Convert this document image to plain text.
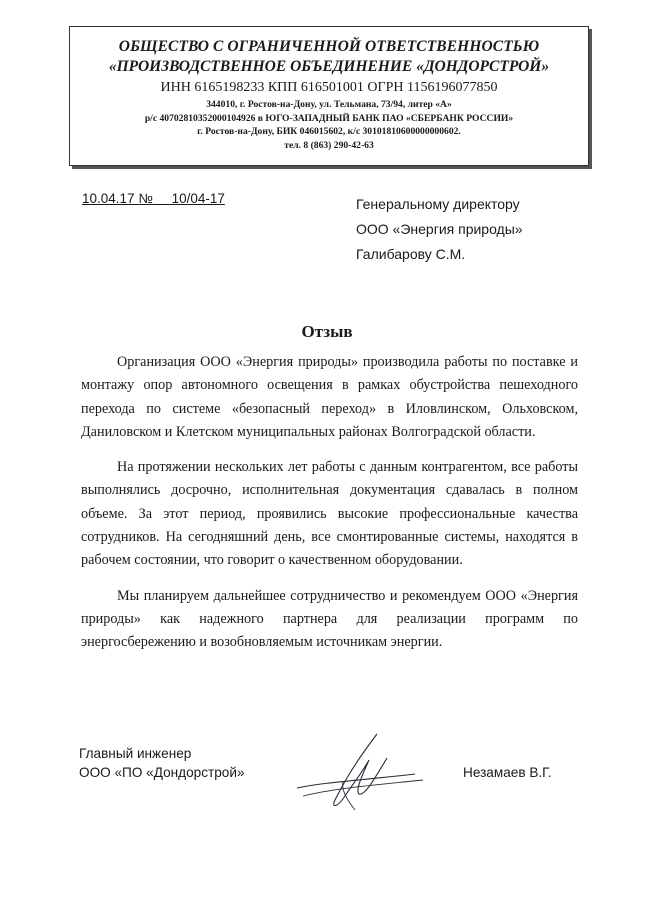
ОБЩЕСТВО С ОГРАНИЧЕННОЙ ОТВЕТСТВЕННОСТЬЮ
«ПРОИЗВОДСТВЕННОЕ ОБЪЕДИНЕНИЕ «ДОНДОРСТРОЙ»
ИНН 6165198233 КПП 616501001 ОГРН 1156196077850
344010, г. Ростов-на-Дону, ул. Тельмана, 73/94, литер «А»
р/с 40702810352000104926 в ЮГО-ЗАПАДНЫЙ БАНК ПАО «СБЕРБАНК РОССИИ»
г. Ростов-на-Дону, БИК 046015602, к/с 30101810600000000602.
тел. 8 (863) 290-42-63
10.04.17 № 10/04-17	Генеральному директору
ООО «Энергия природы»
Галибарову С.М.
Отзыв

Организация ООО «Энергия природы» производила работы по поставке и монтажу опор автономного освещения в рамках обустройства пешеходного перехода по системе «безопасный переход» в Иловлинском, Ольховском, Даниловском и Клетском муниципальных районах Волгоградской области.

На протяжении нескольких лет работы с данным контрагентом, все работы выполнялись досрочно, исполнительная документация сдавалась в полном объеме. За этот период, проявились высокие профессиональные качества сотрудников. На сегодняшний день, все смонтированные системы, находятся в рабочем состоянии, что говорит о качественном оборудовании.

Мы планируем дальнейшее сотрудничество и рекомендуем ООО «Энергия природы» как надежного партнера для реализации программ по энергосбережению и возобновляемым источникам энергии.

Главный инженер
ООО «ПО «Дондорстрой»	Незамаев В.Г.
